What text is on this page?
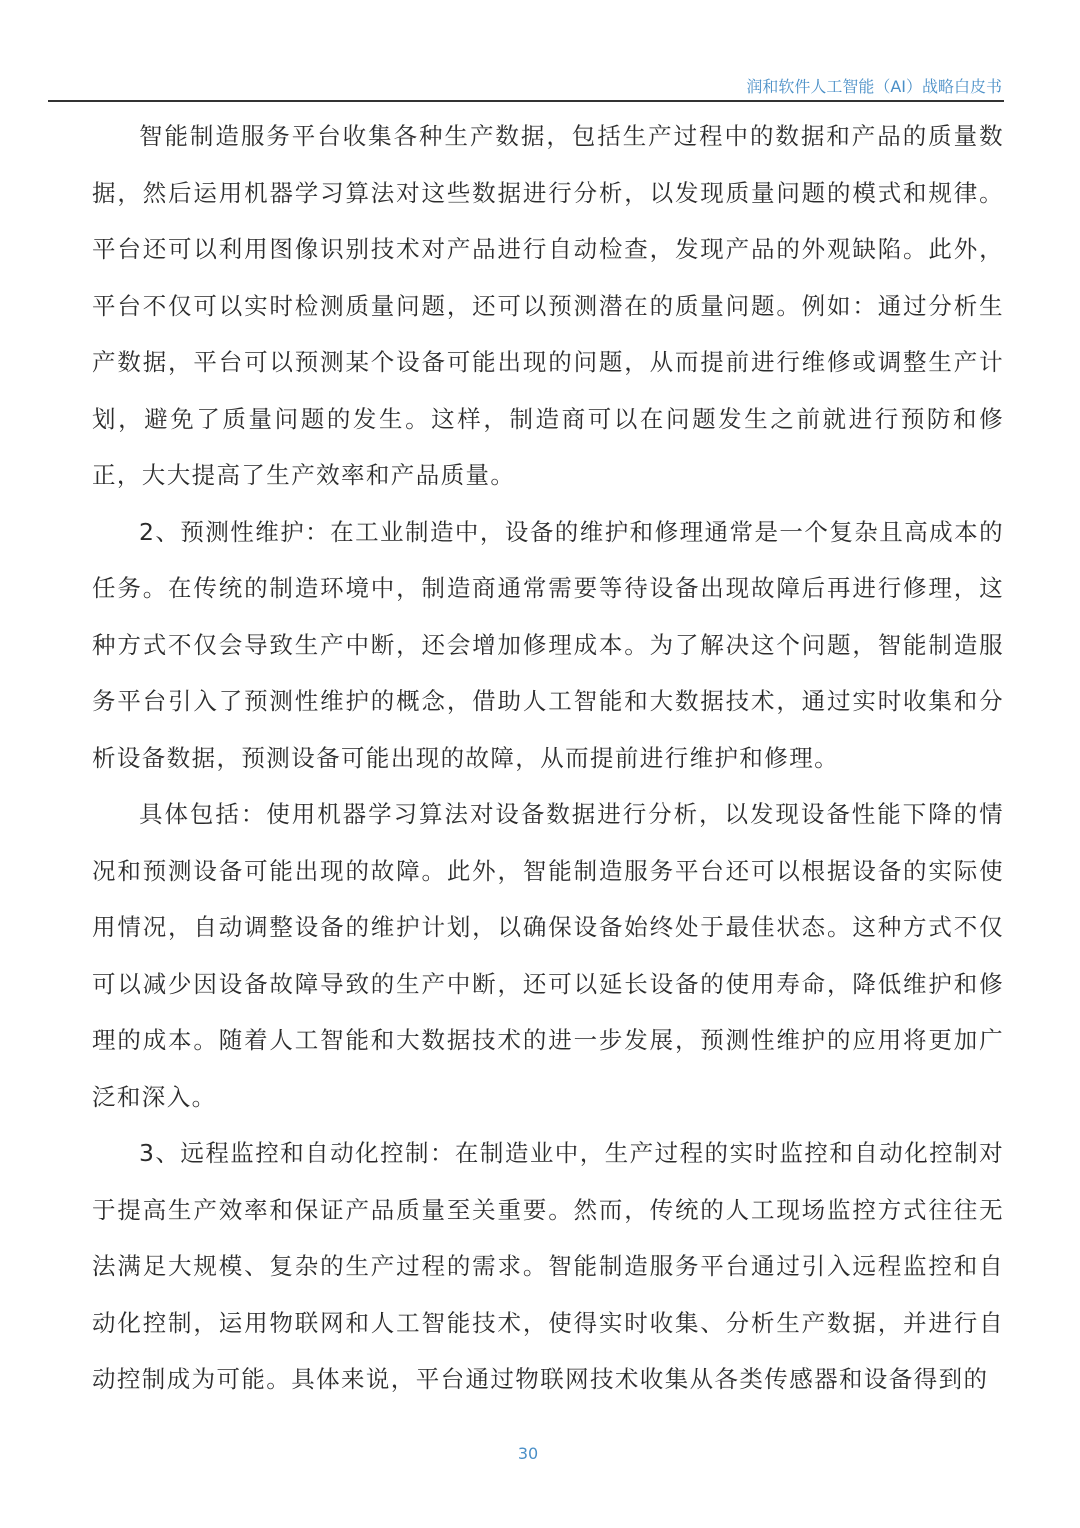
润和软件人工智能（AI）战略白皮书

智能制造服务平台收集各种生产数据，包括生产过程中的数据和产品的质量数据，然后运用机器学习算法对这些数据进行分析，以发现质量问题的模式和规律。平台还可以利用图像识别技术对产品进行自动检查，发现产品的外观缺陷。此外，平台不仅可以实时检测质量问题，还可以预测潜在的质量问题。例如：通过分析生产数据，平台可以预测某个设备可能出现的问题，从而提前进行维修或调整生产计划，避免了质量问题的发生。这样，制造商可以在问题发生之前就进行预防和修正，大大提高了生产效率和产品质量。

2、预测性维护：在工业制造中，设备的维护和修理通常是一个复杂且高成本的任务。在传统的制造环境中，制造商通常需要等待设备出现故障后再进行修理，这种方式不仅会导致生产中断，还会增加修理成本。为了解决这个问题，智能制造服务平台引入了预测性维护的概念，借助人工智能和大数据技术，通过实时收集和分析设备数据，预测设备可能出现的故障，从而提前进行维护和修理。

具体包括：使用机器学习算法对设备数据进行分析，以发现设备性能下降的情况和预测设备可能出现的故障。此外，智能制造服务平台还可以根据设备的实际使用情况，自动调整设备的维护计划，以确保设备始终处于最佳状态。这种方式不仅可以减少因设备故障导致的生产中断，还可以延长设备的使用寿命，降低维护和修理的成本。随着人工智能和大数据技术的进一步发展，预测性维护的应用将更加广泛和深入。

3、远程监控和自动化控制：在制造业中，生产过程的实时监控和自动化控制对于提高生产效率和保证产品质量至关重要。然而，传统的人工现场监控方式往往无法满足大规模、复杂的生产过程的需求。智能制造服务平台通过引入远程监控和自动化控制，运用物联网和人工智能技术，使得实时收集、分析生产数据，并进行自动控制成为可能。具体来说，平台通过物联网技术收集从各类传感器和设备得到的

30
